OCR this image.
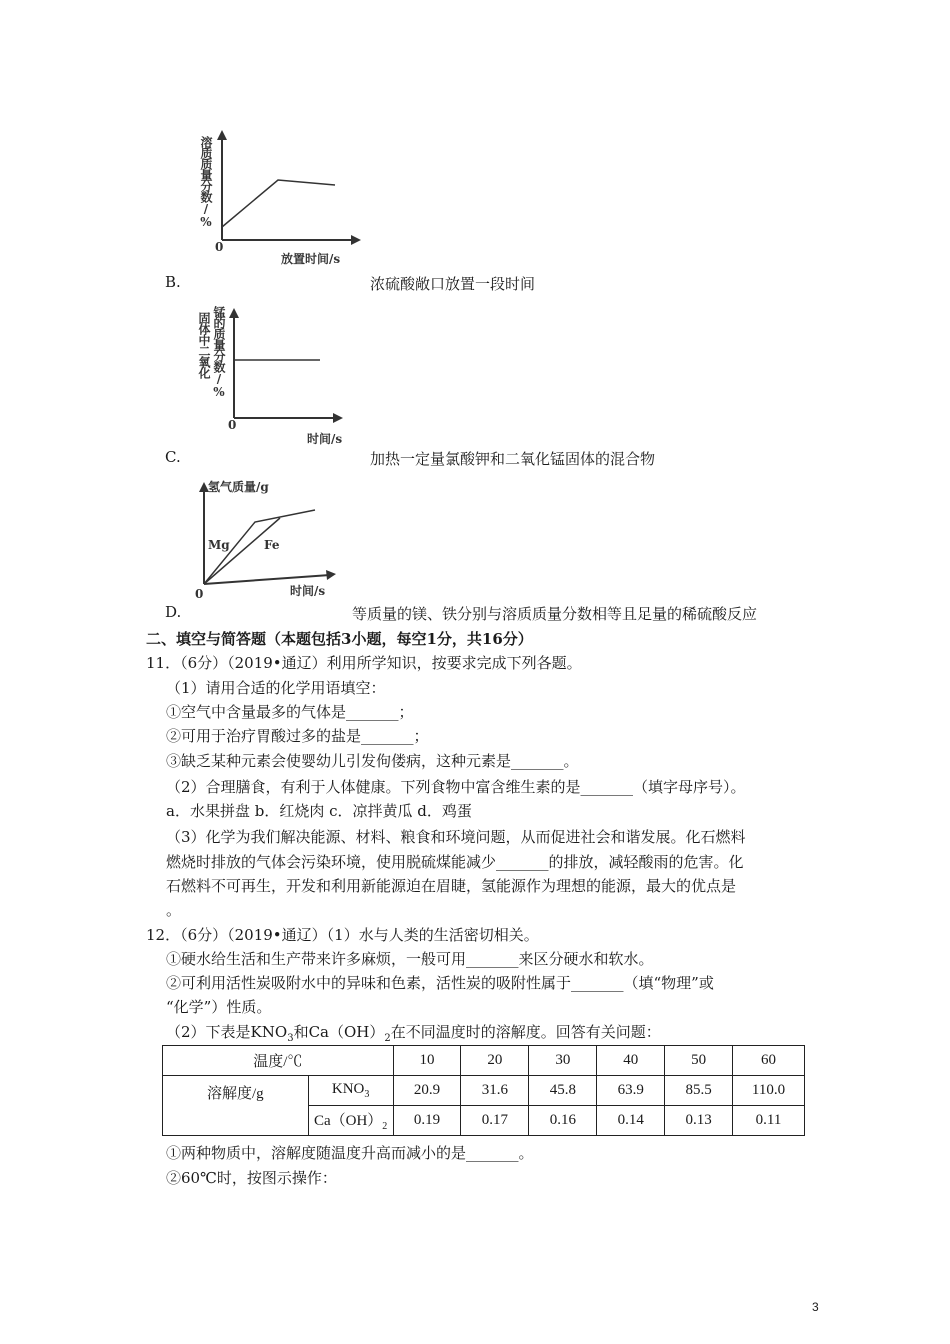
溶质质量分数/%
0
放置时间/s
B.	浓硫酸敞口放置一段时间
固体中二氧化 锰的质量分数/%
0
时间/s
C.	加热一定量氯酸钾和二氧化锰固体的混合物
氢气质量/g
Mg	Fe
0	时间/s
D.	等质量的镁、铁分别与溶质质量分数相等且足量的稀硫酸反应
二、填空与简答题（本题包括3小题，每空1分，共16分）
11．（6分）（2019•通辽）利用所学知识，按要求完成下列各题。
（1）请用合适的化学用语填空：
①空气中含量最多的气体是_______；
②可用于治疗胃酸过多的盐是_______；
③缺乏某种元素会使婴幼儿引发佝偻病，这种元素是_______。
（2）合理膳食，有利于人体健康。下列食物中富含维生素的是_______（填字母序号）。
a．水果拼盘 b．红烧肉 c．凉拌黄瓜 d．鸡蛋
（3）化学为我们解决能源、材料、粮食和环境问题，从而促进社会和谐发展。化石燃料
燃烧时排放的气体会污染环境，使用脱硫煤能减少_______的排放，减轻酸雨的危害。化
石燃料不可再生，开发和利用新能源迫在眉睫，氢能源作为理想的能源，最大的优点是
。
12．（6分）（2019•通辽）（1）水与人类的生活密切相关。
①硬水给生活和生产带来许多麻烦，一般可用_______来区分硬水和软水。
②可利用活性炭吸附水中的异味和色素，活性炭的吸附性属于_______（填“物理”或
“化学”）性质。
（2）下表是$KNO_3$和$Ca(OH)_2$在不同温度时的溶解度。回答有关问题：
温度/℃		10	20	30	40	50	60
溶解度/g	$KNO_3$	20.9	31.6	45.8	63.9	85.5	110.0
	$Ca(OH)_2$	0.19	0.17	0.16	0.14	0.13	0.11
①两种物质中，溶解度随温度升高而减小的是_______。
②60℃时，按图示操作：
3
